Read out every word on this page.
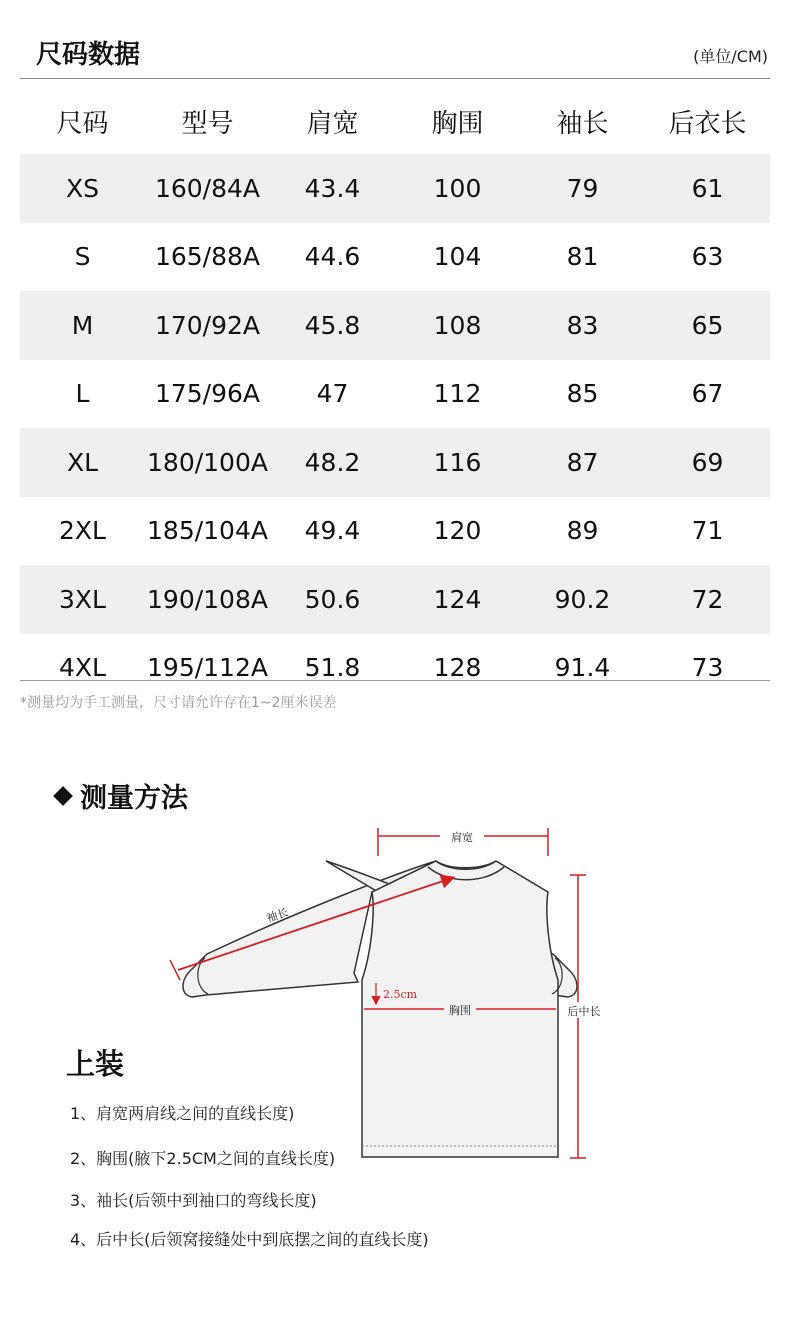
尺码数据	(单位/CM)
尺码	型号	肩宽	胸围	袖长	后衣长
XS	160/84A	43.4	100	79	61
S	165/88A	44.6	104	81	63
M	170/92A	45.8	108	83	65
L	175/96A	47	112	85	67
XL	180/100A	48.2	116	87	69
2XL	185/104A	49.4	120	89	71
3XL	190/108A	50.6	124	90.2	72
4XL	195/112A	51.8	128	91.4	73
*测量均为手工测量，尺寸请允许存在1~2厘米误差
测量方法
肩宽
袖长
2.5cm
胸围	后中长
上装
1、肩宽两肩线之间的直线长度)
2、胸围(腋下2.5CM之间的直线长度)
3、袖长(后领中到袖口的弯线长度)
4、后中长(后领窝接缝处中到底摆之间的直线长度)
